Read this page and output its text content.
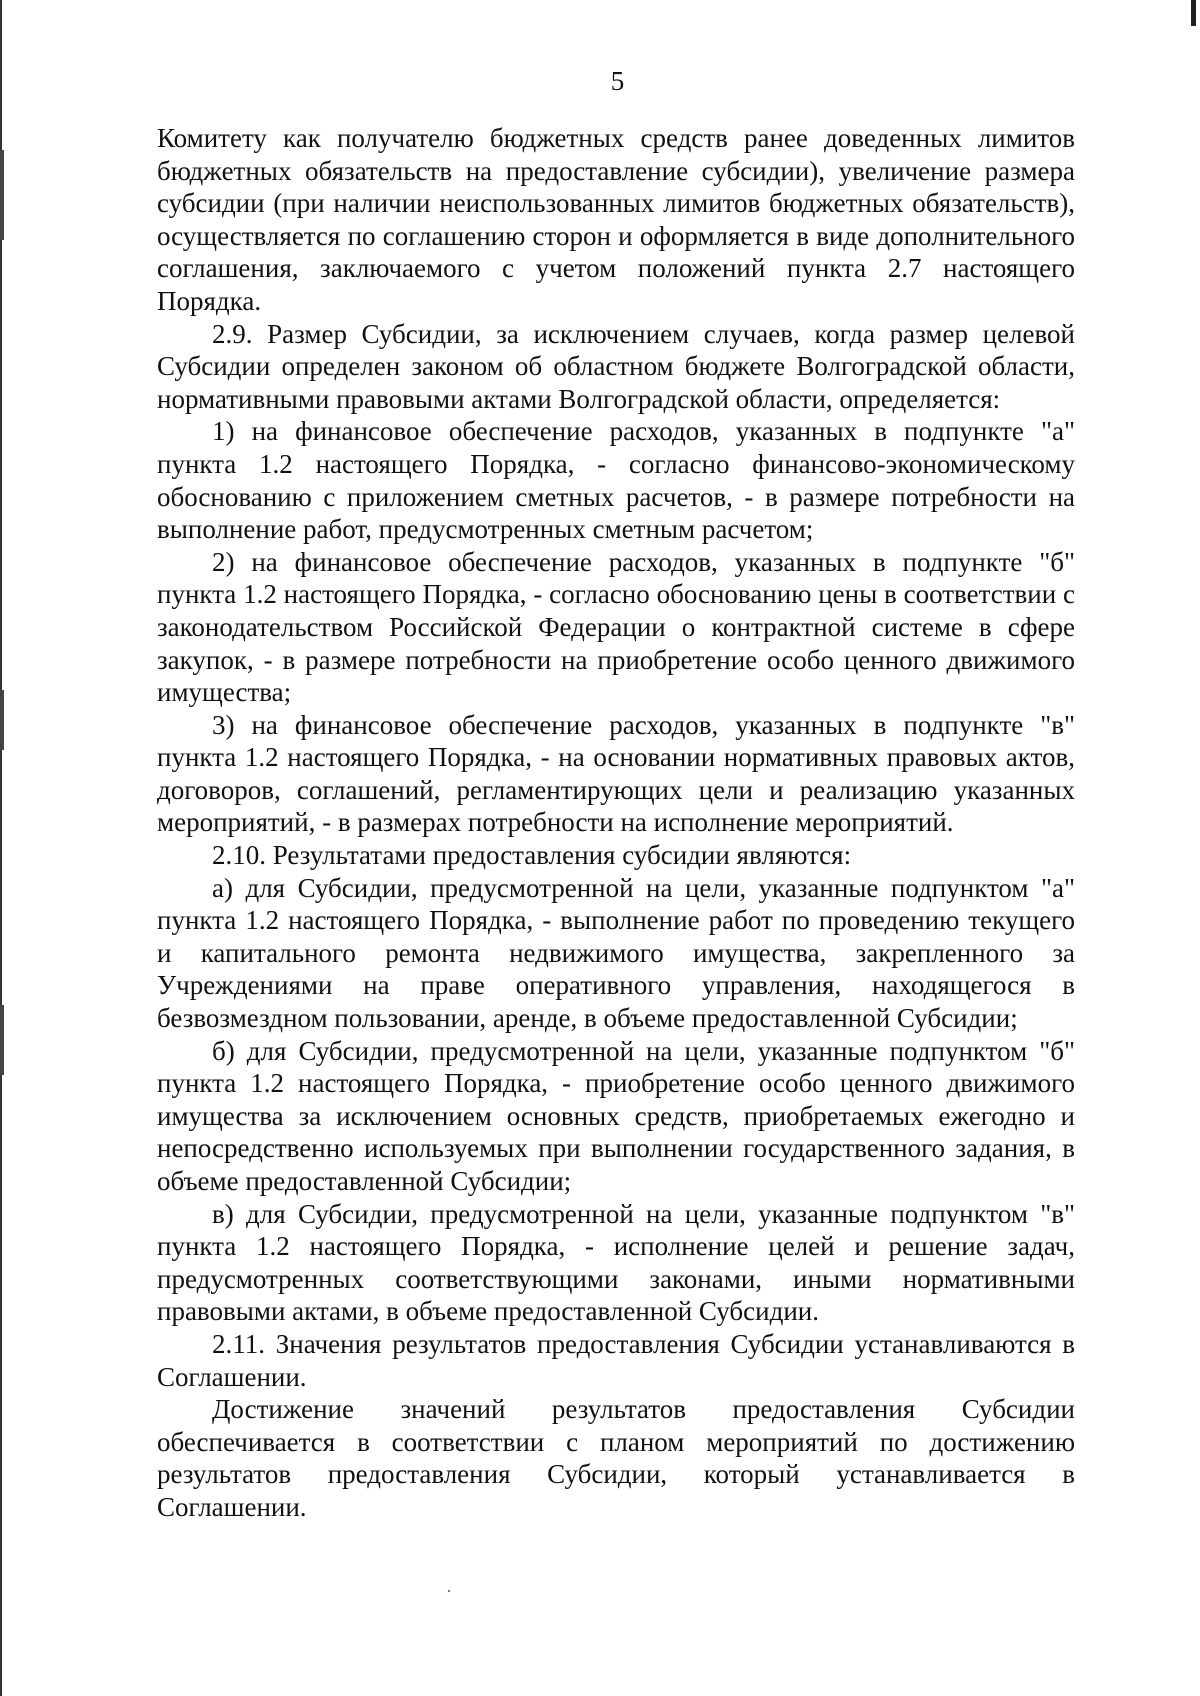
5

Комитету как получателю бюджетных средств ранее доведенных лимитов бюджетных обязательств на предоставление субсидии), увеличение размера субсидии (при наличии неиспользованных лимитов бюджетных обязательств), осуществляется по соглашению сторон и оформляется в виде дополнительного соглашения, заключаемого с учетом положений пункта 2.7 настоящего Порядка.

2.9. Размер Субсидии, за исключением случаев, когда размер целевой Субсидии определен законом об областном бюджете Волгоградской области, нормативными правовыми актами Волгоградской области, определяется:

1) на финансовое обеспечение расходов, указанных в подпункте "а" пункта 1.2 настоящего Порядка, - согласно финансово-экономическому обоснованию с приложением сметных расчетов, - в размере потребности на выполнение работ, предусмотренных сметным расчетом;

2) на финансовое обеспечение расходов, указанных в подпункте "б" пункта 1.2 настоящего Порядка, - согласно обоснованию цены в соответствии с законодательством Российской Федерации о контрактной системе в сфере закупок, - в размере потребности на приобретение особо ценного движимого имущества;

3) на финансовое обеспечение расходов, указанных в подпункте "в" пункта 1.2 настоящего Порядка, - на основании нормативных правовых актов, договоров, соглашений, регламентирующих цели и реализацию указанных мероприятий, - в размерах потребности на исполнение мероприятий.

2.10. Результатами предоставления субсидии являются:

а) для Субсидии, предусмотренной на цели, указанные подпунктом "а" пункта 1.2 настоящего Порядка, - выполнение работ по проведению текущего и капитального ремонта недвижимого имущества, закрепленного за Учреждениями на праве оперативного управления, находящегося в безвозмездном пользовании, аренде, в объеме предоставленной Субсидии;

б) для Субсидии, предусмотренной на цели, указанные подпунктом "б" пункта 1.2 настоящего Порядка, - приобретение особо ценного движимого имущества за исключением основных средств, приобретаемых ежегодно и непосредственно используемых при выполнении государственного задания, в объеме предоставленной Субсидии;

в) для Субсидии, предусмотренной на цели, указанные подпунктом "в" пункта 1.2 настоящего Порядка, - исполнение целей и решение задач, предусмотренных соответствующими законами, иными нормативными правовыми актами, в объеме предоставленной Субсидии.

2.11. Значения результатов предоставления Субсидии устанавливаются в Соглашении.

Достижение значений результатов предоставления Субсидии обеспечивается в соответствии с планом мероприятий по достижению результатов предоставления Субсидии, который устанавливается в Соглашении.
